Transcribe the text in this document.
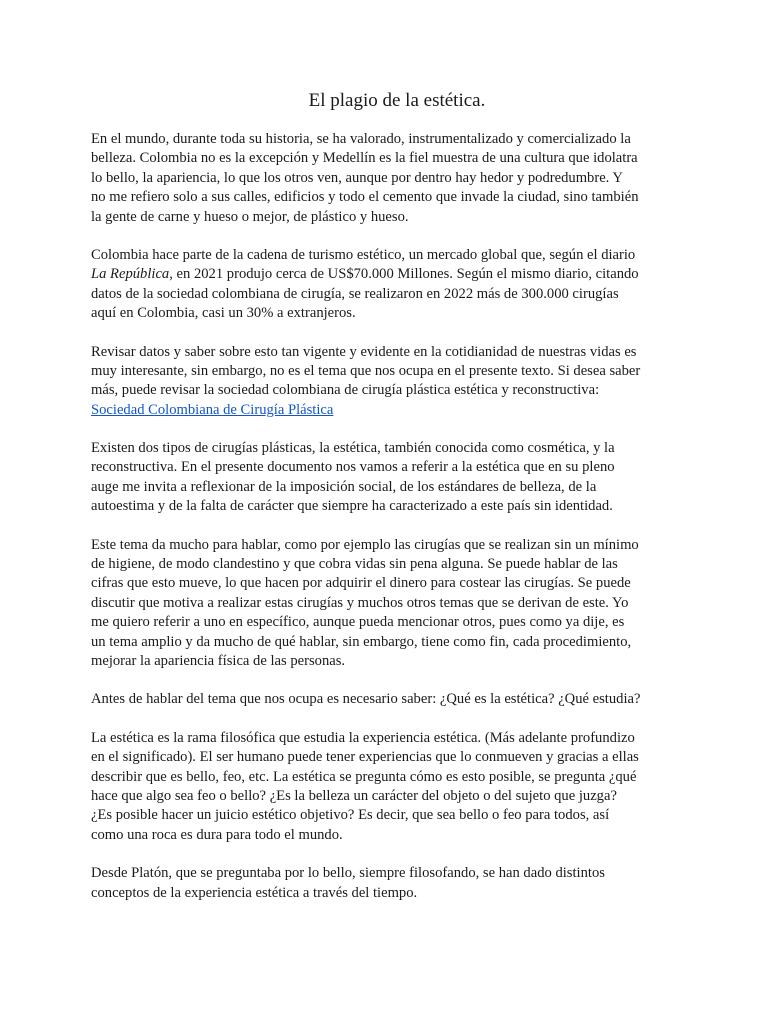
El plagio de la estética.
En el mundo, durante toda su historia, se ha valorado, instrumentalizado y comercializado la
belleza. Colombia no es la excepción y Medellín es la fiel muestra de una cultura que idolatra
lo bello, la apariencia, lo que los otros ven, aunque por dentro hay hedor y podredumbre. Y
no me refiero solo a sus calles, edificios y todo el cemento que invade la ciudad, sino también
la gente de carne y hueso o mejor, de plástico y hueso.
Colombia hace parte de la cadena de turismo estético, un mercado global que, según el diario
La República, en 2021 produjo cerca de US$70.000 Millones. Según el mismo diario, citando
datos de la sociedad colombiana de cirugía, se realizaron en 2022 más de 300.000 cirugías
aquí en Colombia, casi un 30% a extranjeros.
Revisar datos y saber sobre esto tan vigente y evidente en la cotidianidad de nuestras vidas es
muy interesante, sin embargo, no es el tema que nos ocupa en el presente texto. Si desea saber
más, puede revisar la sociedad colombiana de cirugía plástica estética y reconstructiva:
Sociedad Colombiana de Cirugía Plástica
Existen dos tipos de cirugías plásticas, la estética, también conocida como cosmética, y la
reconstructiva. En el presente documento nos vamos a referir a la estética que en su pleno
auge me invita a reflexionar de la imposición social, de los estándares de belleza, de la
autoestima y de la falta de carácter que siempre ha caracterizado a este país sin identidad.
Este tema da mucho para hablar, como por ejemplo las cirugías que se realizan sin un mínimo
de higiene, de modo clandestino y que cobra vidas sin pena alguna. Se puede hablar de las
cifras que esto mueve, lo que hacen por adquirir el dinero para costear las cirugías. Se puede
discutir que motiva a realizar estas cirugías y muchos otros temas que se derivan de este. Yo
me quiero referir a uno en específico, aunque pueda mencionar otros, pues como ya dije, es
un tema amplio y da mucho de qué hablar, sin embargo, tiene como fin, cada procedimiento,
mejorar la apariencia física de las personas.
Antes de hablar del tema que nos ocupa es necesario saber: ¿Qué es la estética? ¿Qué estudia?
La estética es la rama filosófica que estudia la experiencia estética. (Más adelante profundizo
en el significado). El ser humano puede tener experiencias que lo conmueven y gracias a ellas
describir que es bello, feo, etc. La estética se pregunta cómo es esto posible, se pregunta ¿qué
hace que algo sea feo o bello? ¿Es la belleza un carácter del objeto o del sujeto que juzga?
¿Es posible hacer un juicio estético objetivo? Es decir, que sea bello o feo para todos, así
como una roca es dura para todo el mundo.
Desde Platón, que se preguntaba por lo bello, siempre filosofando, se han dado distintos
conceptos de la experiencia estética a través del tiempo.
